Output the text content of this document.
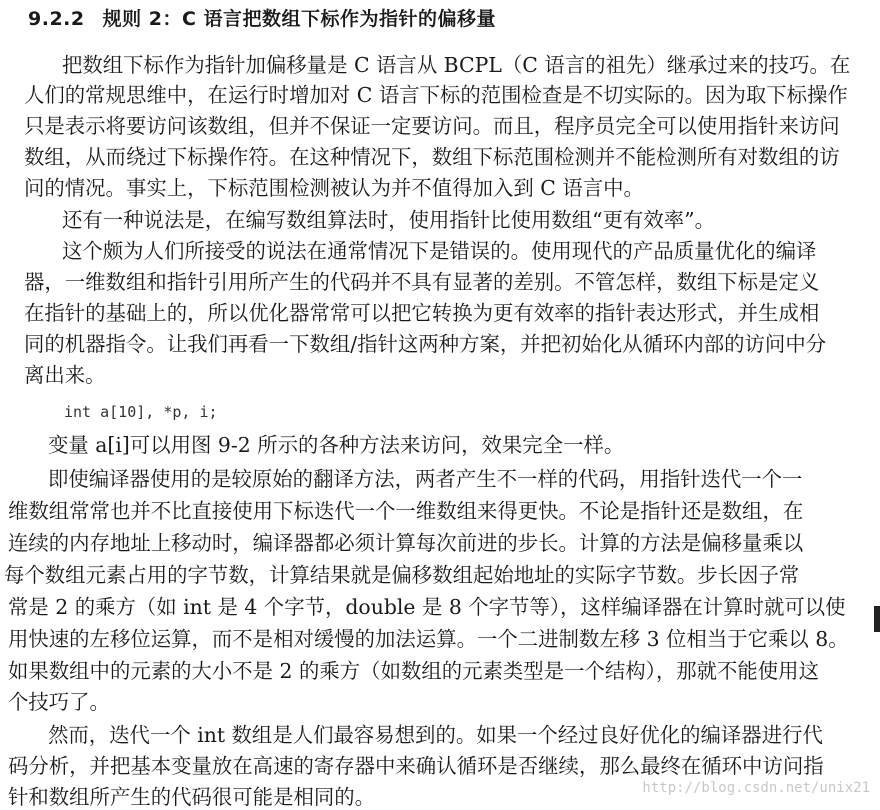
9.2.2 规则 2：C 语言把数组下标作为指针的偏移量
把数组下标作为指针加偏移量是 C 语言从 BCPL（C 语言的祖先）继承过来的技巧。在
人们的常规思维中，在运行时增加对 C 语言下标的范围检查是不切实际的。因为取下标操作
只是表示将要访问该数组，但并不保证一定要访问。而且，程序员完全可以使用指针来访问
数组，从而绕过下标操作符。在这种情况下，数组下标范围检测并不能检测所有对数组的访
问的情况。事实上，下标范围检测被认为并不值得加入到 C 语言中。
还有一种说法是，在编写数组算法时，使用指针比使用数组“更有效率”。
这个颇为人们所接受的说法在通常情况下是错误的。使用现代的产品质量优化的编译
器，一维数组和指针引用所产生的代码并不具有显著的差别。不管怎样，数组下标是定义
在指针的基础上的，所以优化器常常可以把它转换为更有效率的指针表达形式，并生成相
同的机器指令。让我们再看一下数组/指针这两种方案，并把初始化从循环内部的访问中分
离出来。
int a[10], *p, i;
变量 a[i]可以用图 9-2 所示的各种方法来访问，效果完全一样。
即使编译器使用的是较原始的翻译方法，两者产生不一样的代码，用指针迭代一个一
维数组常常也并不比直接使用下标迭代一个一维数组来得更快。不论是指针还是数组，在
连续的内存地址上移动时，编译器都必须计算每次前进的步长。计算的方法是偏移量乘以
每个数组元素占用的字节数，计算结果就是偏移数组起始地址的实际字节数。步长因子常
常是 2 的乘方（如 int 是 4 个字节，double 是 8 个字节等），这样编译器在计算时就可以使
用快速的左移位运算，而不是相对缓慢的加法运算。一个二进制数左移 3 位相当于它乘以 8。
如果数组中的元素的大小不是 2 的乘方（如数组的元素类型是一个结构），那就不能使用这
个技巧了。
然而，迭代一个 int 数组是人们最容易想到的。如果一个经过良好优化的编译器进行代
码分析，并把基本变量放在高速的寄存器中来确认循环是否继续，那么最终在循环中访问指
针和数组所产生的代码很可能是相同的。	http://blog.csdn.net/unix21
